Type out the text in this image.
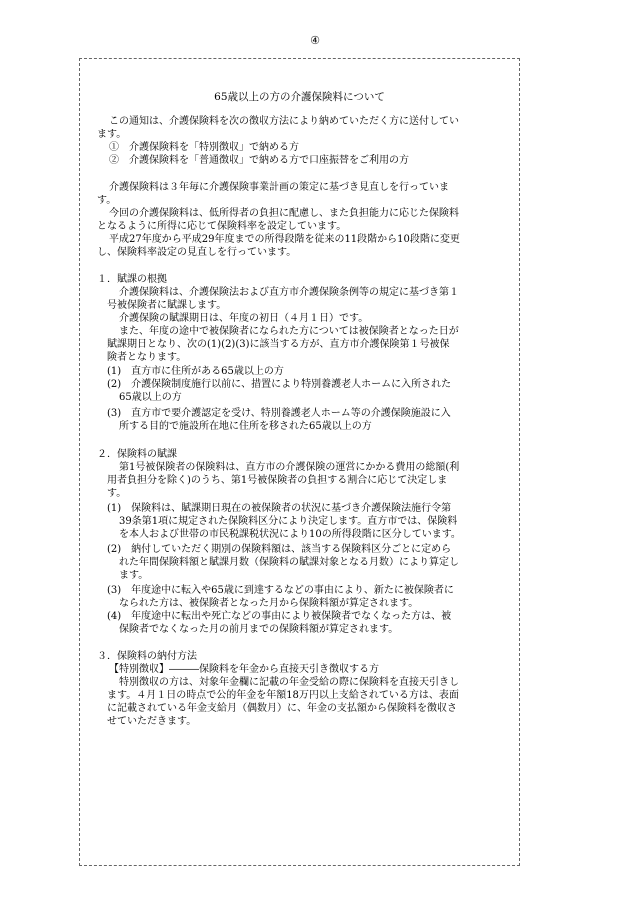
④
65歳以上の方の介護保険料について
この通知は、介護保険料を次の徴収方法により納めていただく方に送付してい
ます。
①　介護保険料を「特別徴収」で納める方
②　介護保険料を「普通徴収」で納める方で口座振替をご利用の方
介護保険料は３年毎に介護保険事業計画の策定に基づき見直しを行っていま
す。
今回の介護保険料は、低所得者の負担に配慮し、また負担能力に応じた保険料
となるように所得に応じて保険料率を設定しています。
平成27年度から平成29年度までの所得段階を従来の11段階から10段階に変更
し、保険料率設定の見直しを行っています。
１．賦課の根拠
介護保険料は、介護保険法および直方市介護保険条例等の規定に基づき第１
号被保険者に賦課します。
介護保険の賦課期日は、年度の初日（４月１日）です。
また、年度の途中で被保険者になられた方については被保険者となった日が
賦課期日となり、次の(1)(2)(3)に該当する方が、直方市介護保険第１号被保
険者となります。
(1)　直方市に住所がある65歳以上の方
(2)　介護保険制度施行以前に、措置により特別養護老人ホームに入所された
65歳以上の方
(3)　直方市で要介護認定を受け、特別養護老人ホーム等の介護保険施設に入
所する目的で施設所在地に住所を移された65歳以上の方
２．保険料の賦課
第1号被保険者の保険料は、直方市の介護保険の運営にかかる費用の総額(利
用者負担分を除く)のうち、第1号被保険者の負担する割合に応じて決定しま
す。
(1)　保険料は、賦課期日現在の被保険者の状況に基づき介護保険法施行令第
39条第1項に規定された保険料区分により決定します。直方市では、保険料
を本人および世帯の市民税課税状況により10の所得段階に区分しています。
(2)　納付していただく期別の保険料額は、該当する保険料区分ごとに定めら
れた年間保険料額と賦課月数（保険料の賦課対象となる月数）により算定し
ます。
(3)　年度途中に転入や65歳に到達するなどの事由により、新たに被保険者に
なられた方は、被保険者となった月から保険料額が算定されます。
(4)　年度途中に転出や死亡などの事由により被保険者でなくなった方は、被
保険者でなくなった月の前月までの保険料額が算定されます。
３．保険料の納付方法
【特別徴収】―――保険料を年金から直接天引き徴収する方
特別徴収の方は、対象年金欄に記載の年金受給の際に保険料を直接天引きし
ます。４月１日の時点で公的年金を年額18万円以上支給されている方は、表面
に記載されている年金支給月（偶数月）に、年金の支払額から保険料を徴収さ
せていただきます。
